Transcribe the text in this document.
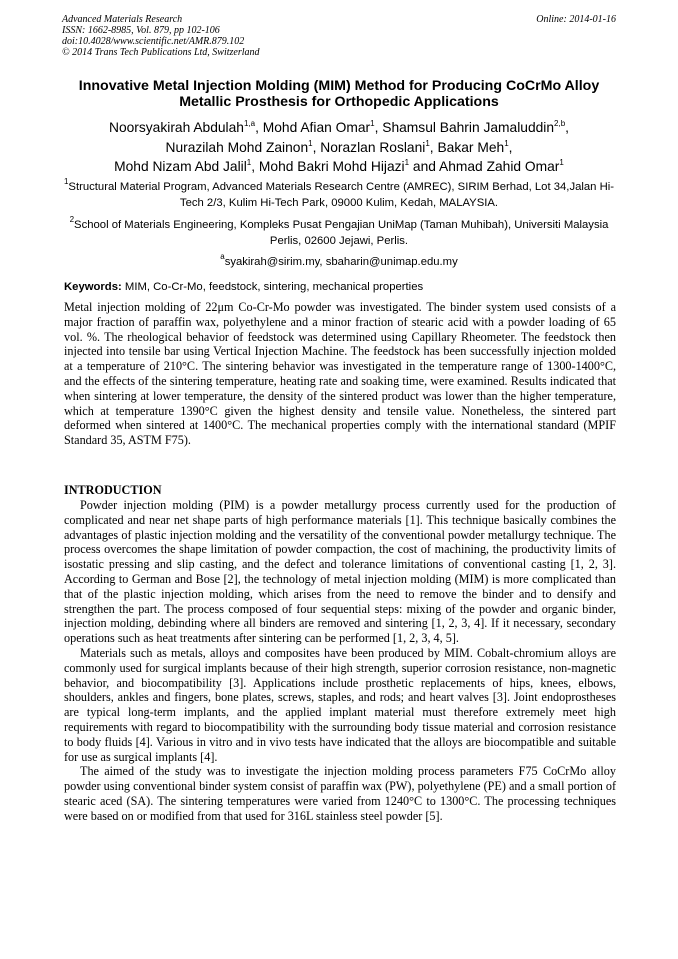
Advanced Materials Research	Online: 2014-01-16
ISSN: 1662-8985, Vol. 879, pp 102-106
doi:10.4028/www.scientific.net/AMR.879.102
© 2014 Trans Tech Publications Ltd, Switzerland
Innovative Metal Injection Molding (MIM) Method for Producing CoCrMo Alloy Metallic Prosthesis for Orthopedic Applications
Noorsyakirah Abdulah$^{1,a}$, Mohd Afian Omar$^1$, Shamsul Bahrin Jamaluddin$^{2,b}$,
Nurazilah Mohd Zainon$^1$, Norazlan Roslani$^1$, Bakar Meh$^1$,
Mohd Nizam Abd Jalil$^1$, Mohd Bakri Mohd Hijazi$^1$ and Ahmad Zahid Omar$^1$
$^1$Structural Material Program, Advanced Materials Research Centre (AMREC), SIRIM Berhad, Lot 34,Jalan Hi-Tech 2/3, Kulim Hi-Tech Park, 09000 Kulim, Kedah, MALAYSIA.
$^2$School of Materials Engineering, Kompleks Pusat Pengajian UniMap (Taman Muhibah), Universiti Malaysia Perlis, 02600 Jejawi, Perlis.
$^a$syakirah@sirim.my, sbaharin@unimap.edu.my
Keywords: MIM, Co-Cr-Mo, feedstock, sintering, mechanical properties
Metal injection molding of 22μm Co-Cr-Mo powder was investigated. The binder system used consists of a major fraction of paraffin wax, polyethylene and a minor fraction of stearic acid with a powder loading of 65 vol. %. The rheological behavior of feedstock was determined using Capillary Rheometer. The feedstock then injected into tensile bar using Vertical Injection Machine. The feedstock has been successfully injection molded at a temperature of 210°C. The sintering behavior was investigated in the temperature range of 1300-1400°C, and the effects of the sintering temperature, heating rate and soaking time, were examined. Results indicated that when sintering at lower temperature, the density of the sintered product was lower than the higher temperature, which at temperature 1390°C given the highest density and tensile value. Nonetheless, the sintered part deformed when sintered at 1400°C. The mechanical properties comply with the international standard (MPIF Standard 35, ASTM F75).
INTRODUCTION

Powder injection molding (PIM) is a powder metallurgy process currently used for the production of complicated and near net shape parts of high performance materials [1]. This technique basically combines the advantages of plastic injection molding and the versatility of the conventional powder metallurgy technique. The process overcomes the shape limitation of powder compaction, the cost of machining, the productivity limits of isostatic pressing and slip casting, and the defect and tolerance limitations of conventional casting [1, 2, 3]. According to German and Bose [2], the technology of metal injection molding (MIM) is more complicated than that of the plastic injection molding, which arises from the need to remove the binder and to densify and strengthen the part. The process composed of four sequential steps: mixing of the powder and organic binder, injection molding, debinding where all binders are removed and sintering [1, 2, 3, 4]. If it necessary, secondary operations such as heat treatments after sintering can be performed [1, 2, 3, 4, 5].

Materials such as metals, alloys and composites have been produced by MIM. Cobalt-chromium alloys are commonly used for surgical implants because of their high strength, superior corrosion resistance, non-magnetic behavior, and biocompatibility [3]. Applications include prosthetic replacements of hips, knees, elbows, shoulders, ankles and fingers, bone plates, screws, staples, and rods; and heart valves [3]. Joint endoprostheses are typical long-term implants, and the applied implant material must therefore extremely meet high requirements with regard to biocompatibility with the surrounding body tissue material and corrosion resistance to body fluids [4]. Various in vitro and in vivo tests have indicated that the alloys are biocompatible and suitable for use as surgical implants [4].

The aimed of the study was to investigate the injection molding process parameters F75 CoCrMo alloy powder using conventional binder system consist of paraffin wax (PW), polyethylene (PE) and a small portion of stearic aced (SA). The sintering temperatures were varied from 1240°C to 1300°C. The processing techniques were based on or modified from that used for 316L stainless steel powder [5].
